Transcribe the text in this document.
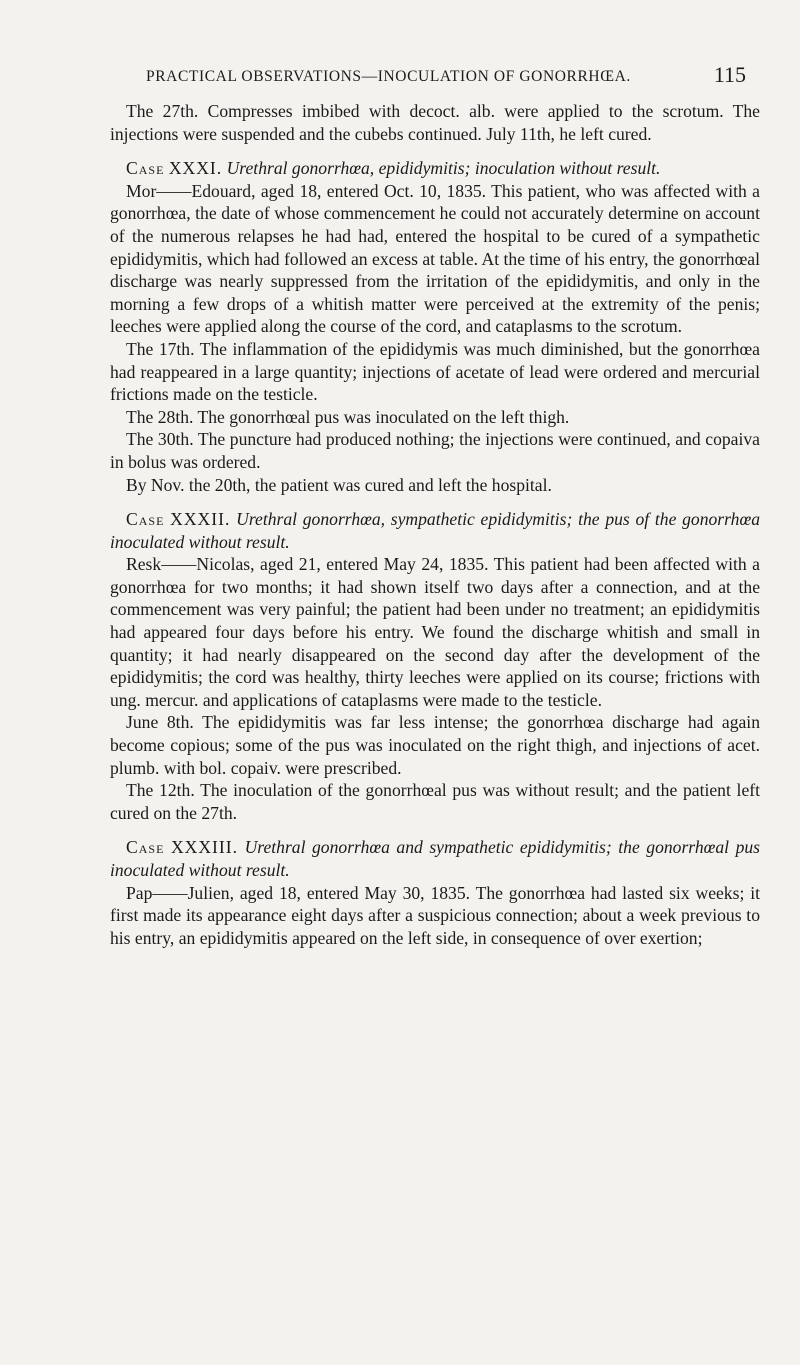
PRACTICAL OBSERVATIONS—INOCULATION OF GONORRHŒA.	115

The 27th. Compresses imbibed with decoct. alb. were applied to the scrotum. The injections were suspended and the cubebs continued. July 11th, he left cured.

Case XXXI. Urethral gonorrhœa, epididymitis; inoculation without result.

Mor——Edouard, aged 18, entered Oct. 10, 1835. This patient, who was affected with a gonorrhœa, the date of whose commencement he could not accurately determine on account of the numerous relapses he had had, entered the hospital to be cured of a sympathetic epididymitis, which had followed an excess at table. At the time of his entry, the gonorrhœal discharge was nearly suppressed from the irritation of the epididymitis, and only in the morning a few drops of a whitish matter were perceived at the extremity of the penis; leeches were applied along the course of the cord, and cataplasms to the scrotum.

The 17th. The inflammation of the epididymis was much diminished, but the gonorrhœa had reappeared in a large quantity; injections of acetate of lead were ordered and mercurial frictions made on the testicle.

The 28th. The gonorrhœal pus was inoculated on the left thigh.

The 30th. The puncture had produced nothing; the injections were continued, and copaiva in bolus was ordered.

By Nov. the 20th, the patient was cured and left the hospital.

Case XXXII. Urethral gonorrhœa, sympathetic epididymitis; the pus of the gonorrhœa inoculated without result.

Resk——Nicolas, aged 21, entered May 24, 1835. This patient had been affected with a gonorrhœa for two months; it had shown itself two days after a connection, and at the commencement was very painful; the patient had been under no treatment; an epididymitis had appeared four days before his entry. We found the discharge whitish and small in quantity; it had nearly disappeared on the second day after the development of the epididymitis; the cord was healthy, thirty leeches were applied on its course; frictions with ung. mercur. and applications of cataplasms were made to the testicle.

June 8th. The epididymitis was far less intense; the gonorrhœa discharge had again become copious; some of the pus was inoculated on the right thigh, and injections of acet. plumb. with bol. copaiv. were prescribed.

The 12th. The inoculation of the gonorrhœal pus was without result; and the patient left cured on the 27th.

Case XXXIII. Urethral gonorrhœa and sympathetic epididymitis; the gonorrhœal pus inoculated without result.

Pap——Julien, aged 18, entered May 30, 1835. The gonorrhœa had lasted six weeks; it first made its appearance eight days after a suspicious connection; about a week previous to his entry, an epididymitis appeared on the left side, in consequence of over exertion;
